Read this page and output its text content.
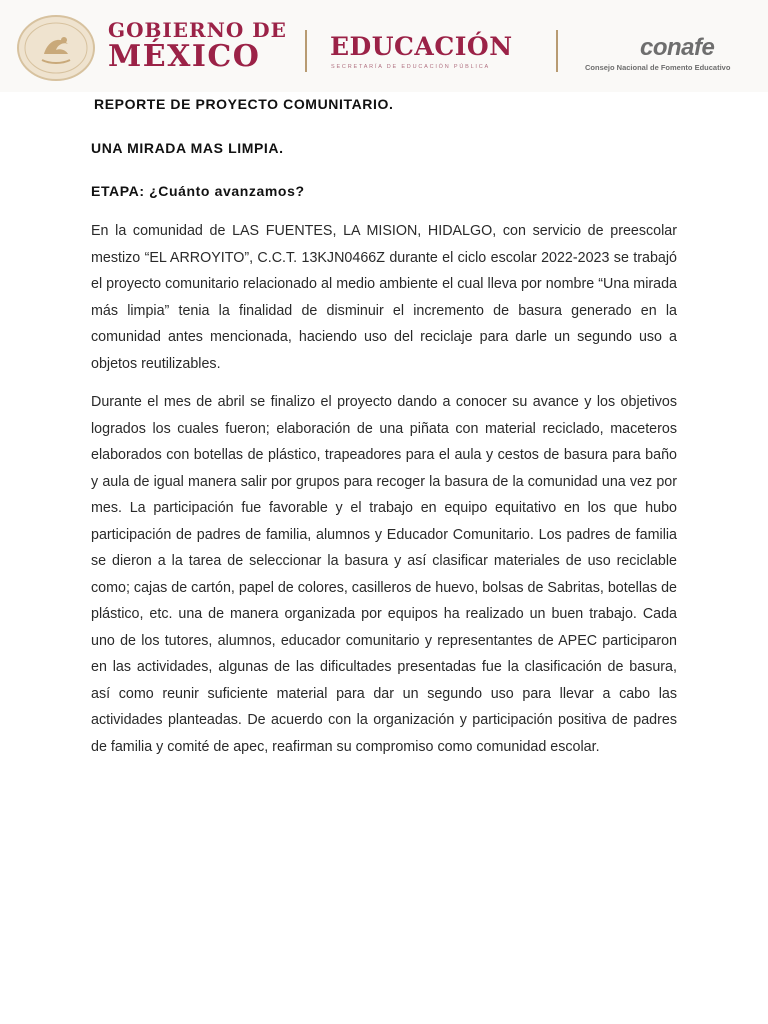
GOBIERNO DE
MÉXICO	EDUCACIÓN
SECRETARÍA DE EDUCACIÓN PÚBLICA
conafe
Consejo Nacional de Fomento Educativo
REPORTE DE PROYECTO COMUNITARIO.
UNA MIRADA MAS LIMPIA.
ETAPA: ¿Cuánto avanzamos?

En la comunidad de LAS FUENTES, LA MISION, HIDALGO, con servicio de preescolar mestizo “EL ARROYITO”, C.C.T. 13KJN0466Z durante el ciclo escolar 2022-2023 se trabajó el proyecto comunitario relacionado al medio ambiente el cual lleva por nombre “Una mirada más limpia” tenia la finalidad de disminuir el incremento de basura generado en la comunidad antes mencionada, haciendo uso del reciclaje para darle un segundo uso a objetos reutilizables.

Durante el mes de abril se finalizo el proyecto dando a conocer su avance y los objetivos logrados los cuales fueron; elaboración de una piñata con material reciclado, maceteros elaborados con botellas de plástico, trapeadores para el aula y cestos de basura para baño y aula de igual manera salir por grupos para recoger la basura de la comunidad una vez por mes. La participación fue favorable y el trabajo en equipo equitativo en los que hubo participación de padres de familia, alumnos y Educador Comunitario. Los padres de familia se dieron a la tarea de seleccionar la basura y así clasificar materiales de uso reciclable como; cajas de cartón, papel de colores, casilleros de huevo, bolsas de Sabritas, botellas de plástico, etc. una de manera organizada por equipos ha realizado un buen trabajo. Cada uno de los tutores, alumnos, educador comunitario y representantes de APEC participaron en las actividades, algunas de las dificultades presentadas fue la clasificación de basura, así como reunir suficiente material para dar un segundo uso para llevar a cabo las actividades planteadas. De acuerdo con la organización y participación positiva de padres de familia y comité de apec, reafirman su compromiso como comunidad escolar.
